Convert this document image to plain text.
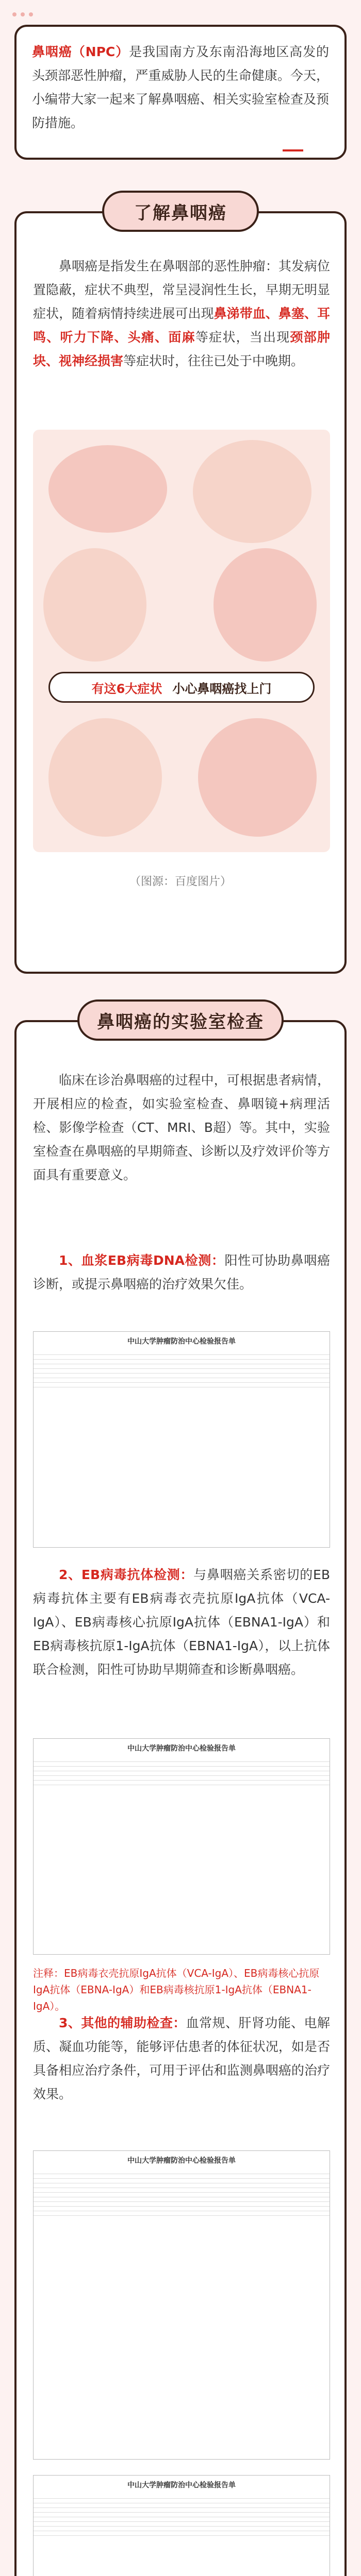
鼻咽癌（NPC）是我国南方及东南沿海地区高发的头颈部恶性肿瘤，严重威胁人民的生命健康。今天，小编带大家一起来了解鼻咽癌、相关实验室检查及预防措施。

鼻咽癌是指发生在鼻咽部的恶性肿瘤：其发病位置隐蔽，症状不典型，常呈浸润性生长，早期无明显症状，随着病情持续进展可出现鼻涕带血、鼻塞、耳鸣、听力下降、头痛、面麻等症状，当出现颈部肿块、视神经损害等症状时，往往已处于中晚期。

有这6大症状 小心鼻咽癌找上门
（图源：百度图片）
了解鼻咽癌

临床在诊治鼻咽癌的过程中，可根据患者病情，开展相应的检查，如实验室检查、鼻咽镜+病理活检、影像学检查（CT、MRI、B超）等。其中，实验室检查在鼻咽癌的早期筛查、诊断以及疗效评价等方面具有重要意义。

1、血浆EB病毒DNA检测：阳性可协助鼻咽癌诊断，或提示鼻咽癌的治疗效果欠佳。

中山大学肿瘤防治中心检验报告单

2、EB病毒抗体检测：与鼻咽癌关系密切的EB病毒抗体主要有EB病毒衣壳抗原IgA抗体（VCA-IgA）、EB病毒核心抗原IgA抗体（EBNA1-IgA）和EB病毒核抗原1-IgA抗体（EBNA1-IgA），以上抗体联合检测，阳性可协助早期筛查和诊断鼻咽癌。

中山大学肿瘤防治中心检验报告单
注释：EB病毒衣壳抗原IgA抗体（VCA-IgA）、EB病毒核心抗原IgA抗体（EBNA-IgA）和EB病毒核抗原1-IgA抗体（EBNA1-IgA）。

3、其他的辅助检查：血常规、肝肾功能、电解质、凝血功能等，能够评估患者的体征状况，如是否具备相应治疗条件，可用于评估和监测鼻咽癌的治疗效果。

中山大学肿瘤防治中心检验报告单
中山大学肿瘤防治中心检验报告单

鼻咽癌的实验室检查
